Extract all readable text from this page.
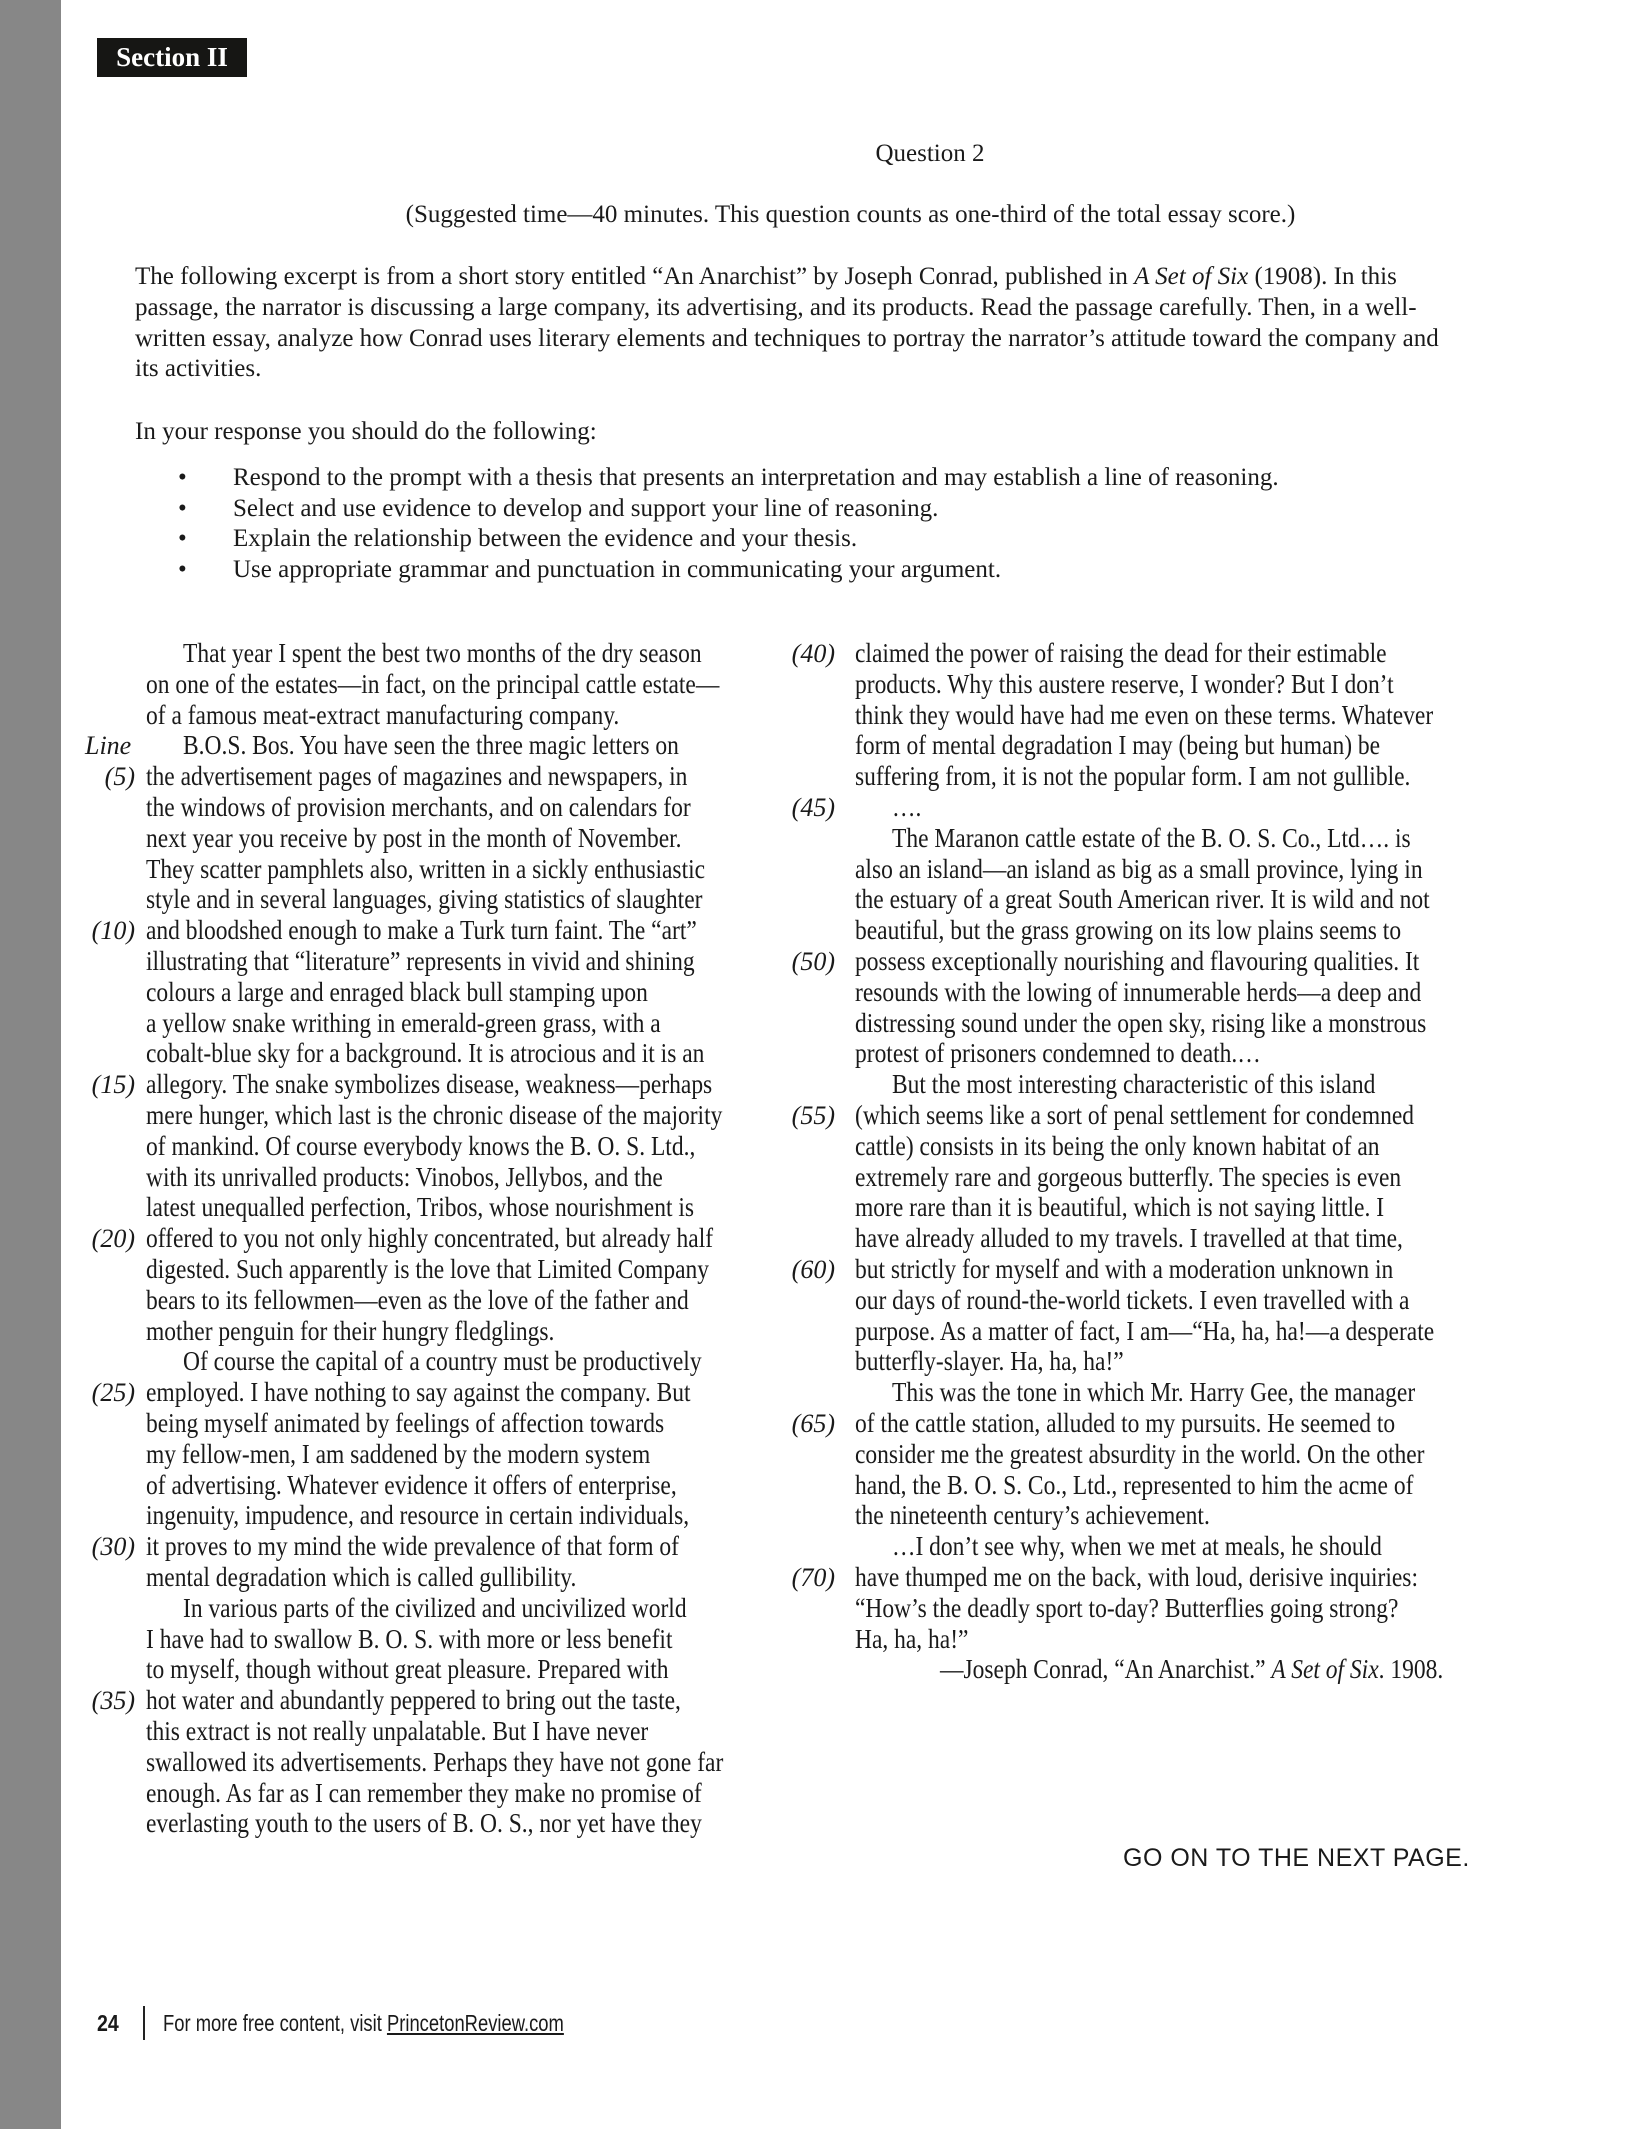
Section II
Question 2
(Suggested time—40 minutes. This question counts as one-third of the total essay score.)
The following excerpt is from a short story entitled “An Anarchist” by Joseph Conrad, published in A Set of Six (1908). In this
passage, the narrator is discussing a large company, its advertising, and its products. Read the passage carefully. Then, in a well-
written essay, analyze how Conrad uses literary elements and techniques to portray the narrator’s attitude toward the company and
its activities.
In your response you should do the following:
• Respond to the prompt with a thesis that presents an interpretation and may establish a line of reasoning.
• Select and use evidence to develop and support your line of reasoning.
• Explain the relationship between the evidence and your thesis.
• Use appropriate grammar and punctuation in communicating your argument.
That year I spent the best two months of the dry season
on one of the estates—in fact, on the principal cattle estate—
of a famous meat-extract manufacturing company.
Line	B.O.S. Bos. You have seen the three magic letters on
(5) the advertisement pages of magazines and newspapers, in
the windows of provision merchants, and on calendars for
next year you receive by post in the month of November.
They scatter pamphlets also, written in a sickly enthusiastic
style and in several languages, giving statistics of slaughter
(10) and bloodshed enough to make a Turk turn faint. The “art”
illustrating that “literature” represents in vivid and shining
colours a large and enraged black bull stamping upon
a yellow snake writhing in emerald-green grass, with a
cobalt-blue sky for a background. It is atrocious and it is an
(15) allegory. The snake symbolizes disease, weakness—perhaps
mere hunger, which last is the chronic disease of the majority
of mankind. Of course everybody knows the B. O. S. Ltd.,
with its unrivalled products: Vinobos, Jellybos, and the
latest unequalled perfection, Tribos, whose nourishment is
(20) offered to you not only highly concentrated, but already half
digested. Such apparently is the love that Limited Company
bears to its fellowmen—even as the love of the father and
mother penguin for their hungry fledglings.
Of course the capital of a country must be productively
(25) employed. I have nothing to say against the company. But
being myself animated by feelings of affection towards
my fellow-men, I am saddened by the modern system
of advertising. Whatever evidence it offers of enterprise,
ingenuity, impudence, and resource in certain individuals,
(30) it proves to my mind the wide prevalence of that form of
mental degradation which is called gullibility.
In various parts of the civilized and uncivilized world
I have had to swallow B. O. S. with more or less benefit
to myself, though without great pleasure. Prepared with
(35) hot water and abundantly peppered to bring out the taste,
this extract is not really unpalatable. But I have never
swallowed its advertisements. Perhaps they have not gone far
enough. As far as I can remember they make no promise of
everlasting youth to the users of B. O. S., nor yet have they
(40) claimed the power of raising the dead for their estimable
products. Why this austere reserve, I wonder? But I don’t
think they would have had me even on these terms. Whatever
form of mental degradation I may (being but human) be
suffering from, it is not the popular form. I am not gullible.
(45) ….
The Maranon cattle estate of the B. O. S. Co., Ltd…. is
also an island—an island as big as a small province, lying in
the estuary of a great South American river. It is wild and not
beautiful, but the grass growing on its low plains seems to
(50) possess exceptionally nourishing and flavouring qualities. It
resounds with the lowing of innumerable herds—a deep and
distressing sound under the open sky, rising like a monstrous
protest of prisoners condemned to death.…
But the most interesting characteristic of this island
(55) (which seems like a sort of penal settlement for condemned
cattle) consists in its being the only known habitat of an
extremely rare and gorgeous butterfly. The species is even
more rare than it is beautiful, which is not saying little. I
have already alluded to my travels. I travelled at that time,
(60) but strictly for myself and with a moderation unknown in
our days of round-the-world tickets. I even travelled with a
purpose. As a matter of fact, I am—“Ha, ha, ha!—a desperate
butterfly-slayer. Ha, ha, ha!”
This was the tone in which Mr. Harry Gee, the manager
(65) of the cattle station, alluded to my pursuits. He seemed to
consider me the greatest absurdity in the world. On the other
hand, the B. O. S. Co., Ltd., represented to him the acme of
the nineteenth century’s achievement.
…I don’t see why, when we met at meals, he should
(70) have thumped me on the back, with loud, derisive inquiries:
“How’s the deadly sport to-day? Butterflies going strong?
Ha, ha, ha!”
—Joseph Conrad, “An Anarchist.” A Set of Six. 1908.
GO ON TO THE NEXT PAGE.
24 For more free content, visit PrincetonReview.com
